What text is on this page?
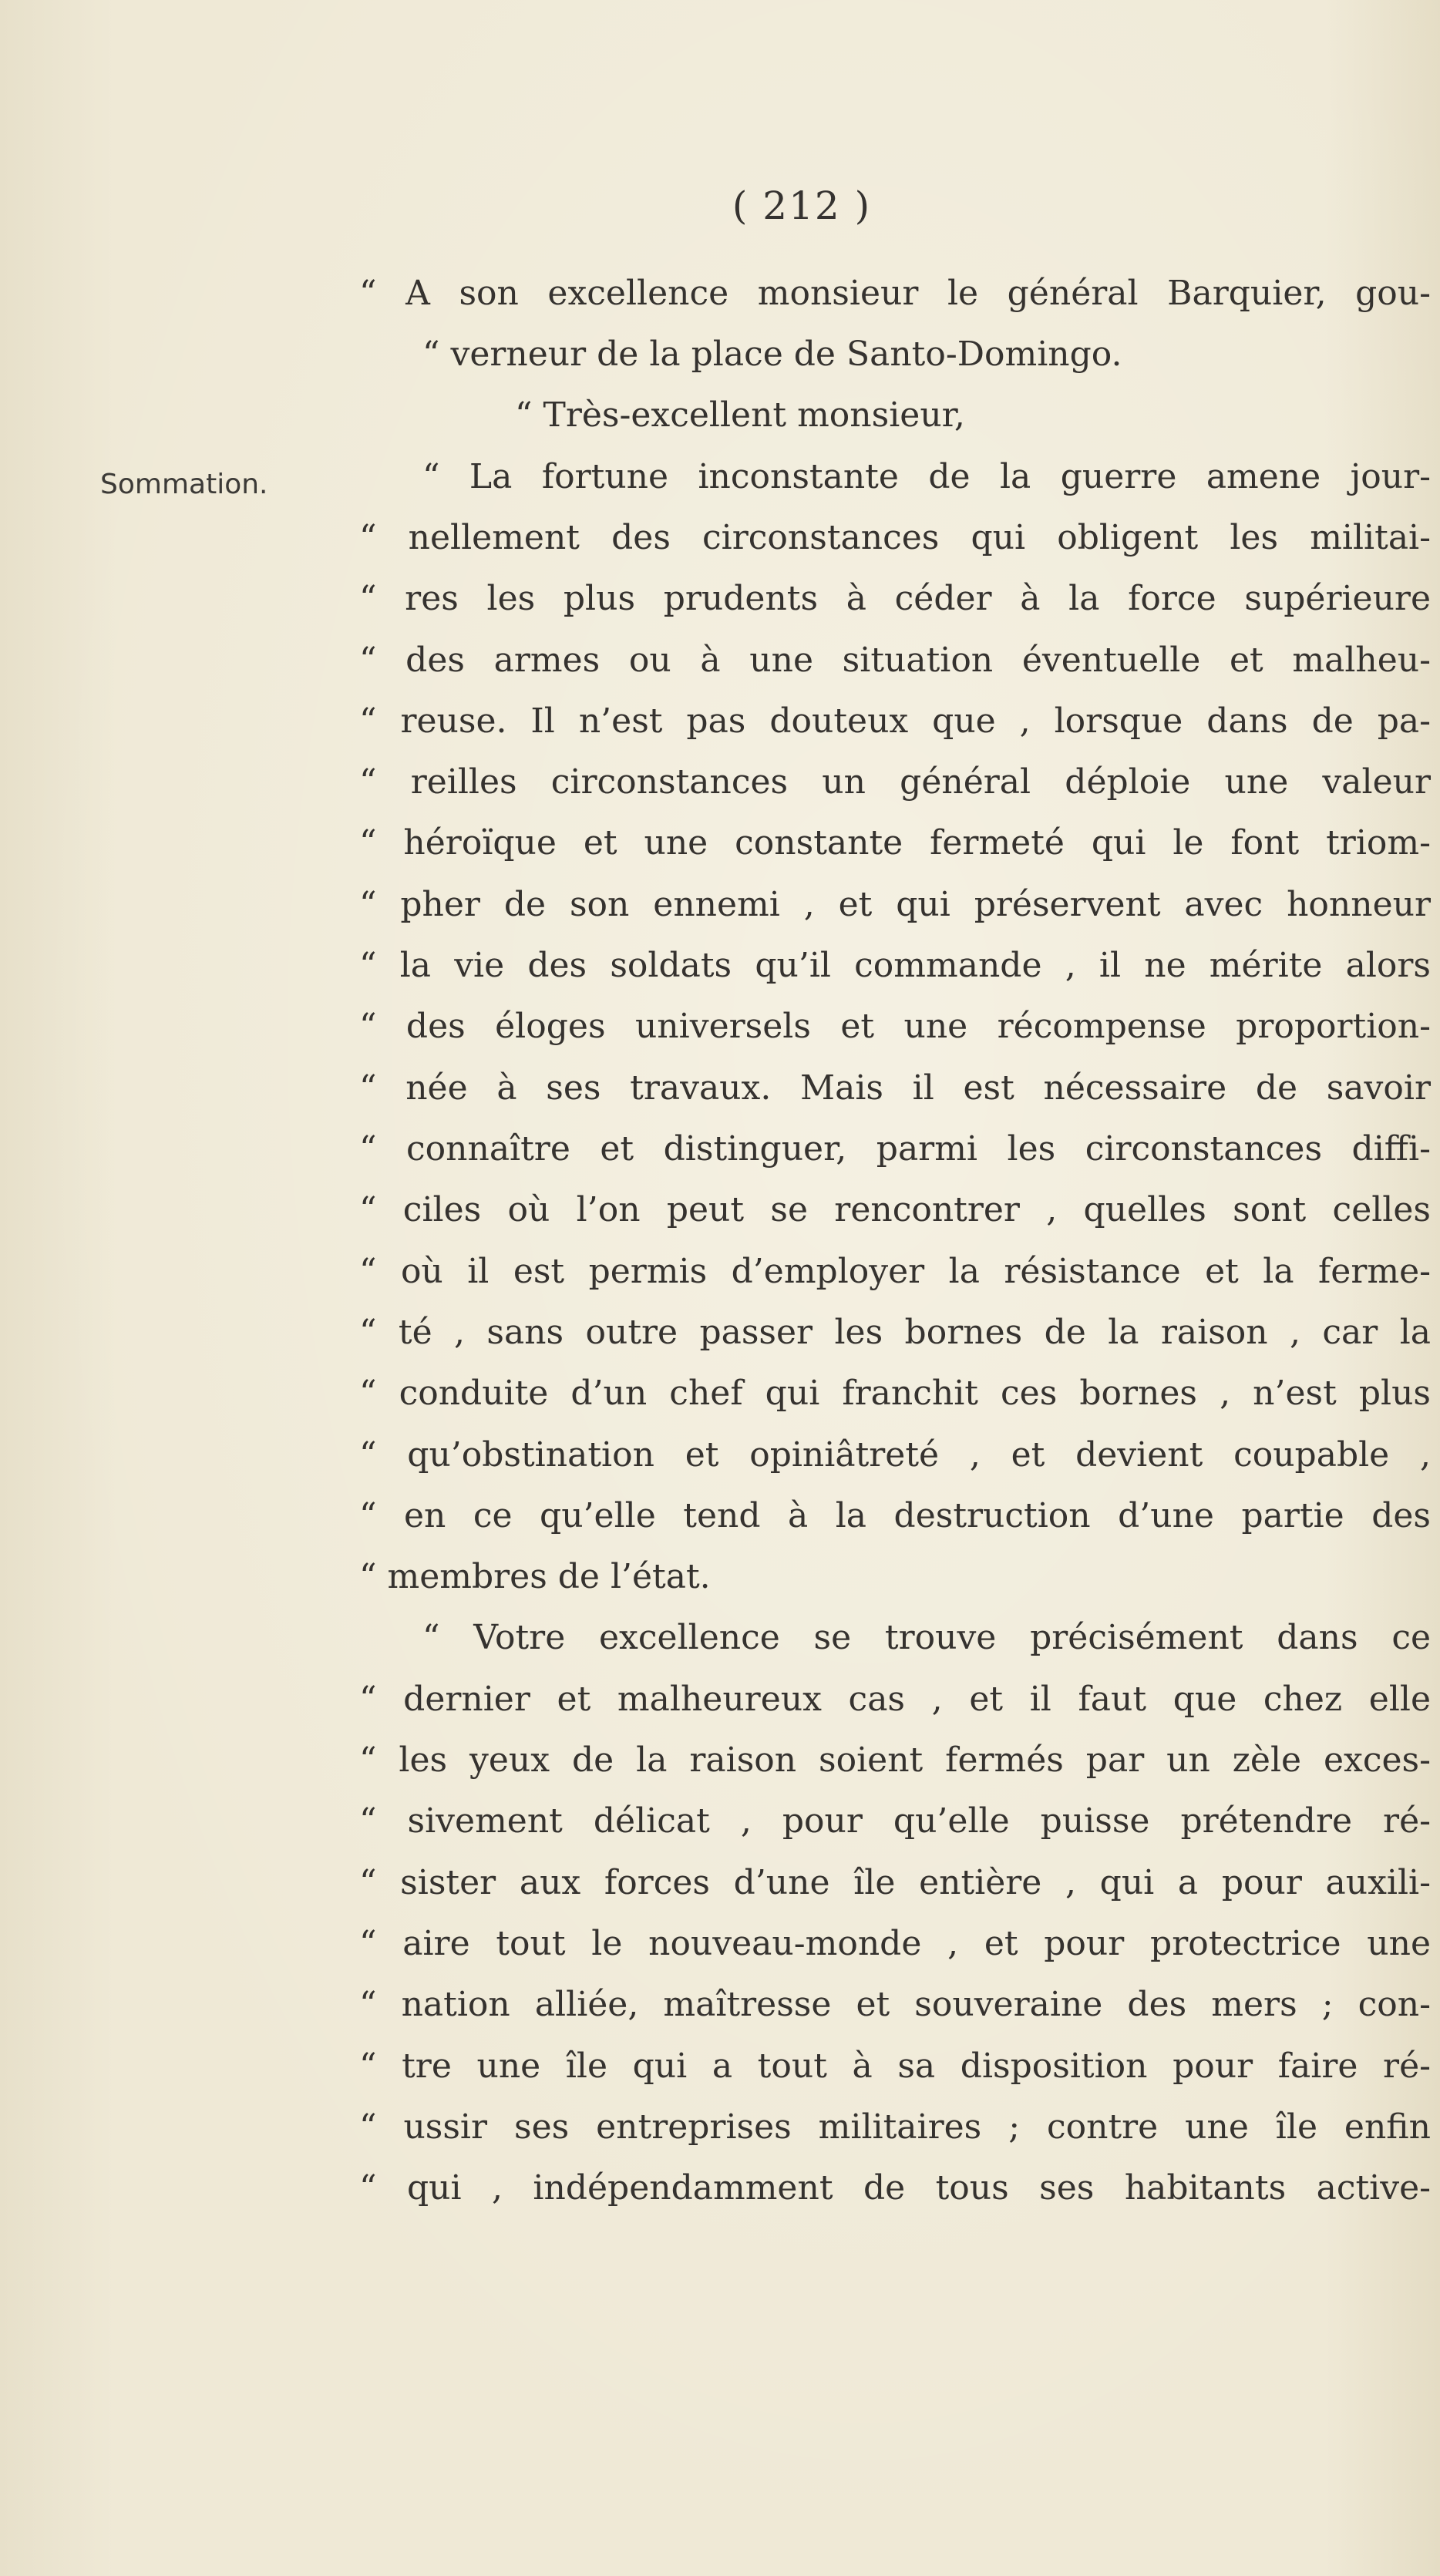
( 212 )
Sommation.
“ A son excellence monsieur le général Barquier, gou-
“ verneur de la place de Santo-Domingo.
“ Très-excellent monsieur,
“ La fortune inconstante de la guerre amene jour-
“ nellement des circonstances qui obligent les militai-
“ res les plus prudents à céder à la force supérieure
“ des armes ou à une situation éventuelle et malheu-
“ reuse. Il n’est pas douteux que , lorsque dans de pa-
“ reilles circonstances un général déploie une valeur
“ héroïque et une constante fermeté qui le font triom-
“ pher de son ennemi , et qui préservent avec honneur
“ la vie des soldats qu’il commande , il ne mérite alors
“ des éloges universels et une récompense proportion-
“ née à ses travaux. Mais il est nécessaire de savoir
“ connaître et distinguer, parmi les circonstances diffi-
“ ciles où l’on peut se rencontrer , quelles sont celles
“ où il est permis d’employer la résistance et la ferme-
“ té , sans outre passer les bornes de la raison , car la
“ conduite d’un chef qui franchit ces bornes , n’est plus
“ qu’obstination et opiniâtreté , et devient coupable ,
“ en ce qu’elle tend à la destruction d’une partie des
“ membres de l’état.
“ Votre excellence se trouve précisément dans ce
“ dernier et malheureux cas , et il faut que chez elle
“ les yeux de la raison soient fermés par un zèle exces-
“ sivement délicat , pour qu’elle puisse prétendre ré-
“ sister aux forces d’une île entière , qui a pour auxili-
“ aire tout le nouveau-monde , et pour protectrice une
“ nation alliée, maîtresse et souveraine des mers ; con-
“ tre une île qui a tout à sa disposition pour faire ré-
“ ussir ses entreprises militaires ; contre une île enfin
“ qui , indépendamment de tous ses habitants active-
